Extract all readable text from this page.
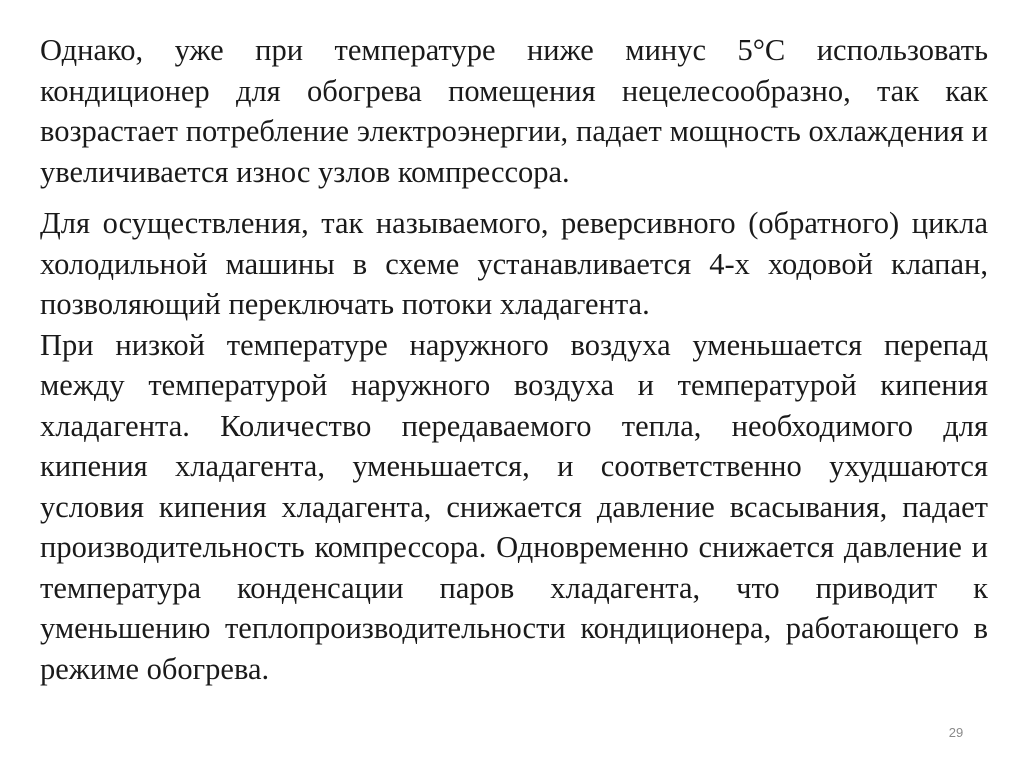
Однако, уже при температуре ниже минус 5°С использовать кондиционер для обогрева помещения нецелесообразно, так как возрастает потребление электроэнергии, падает мощность охлаждения и увеличивается износ узлов компрессора.

Для осуществления, так называемого, реверсивного (обратного) цикла холодильной машины в схеме устанавливается 4-х ходовой клапан, позволяющий переключать потоки хладагента.

При низкой температуре наружного воздуха уменьшается перепад между температурой наружного воздуха и температурой кипения хладагента. Количество передаваемого тепла, необходимого для кипения хладагента, уменьшается, и соответственно ухудшаются условия кипения хладагента, снижается давление всасывания, падает производительность компрессора. Одновременно снижается давление и температура конденсации паров хладагента, что приводит к уменьшению теплопроизводительности кондиционера, работающего в режиме обогрева.

29
